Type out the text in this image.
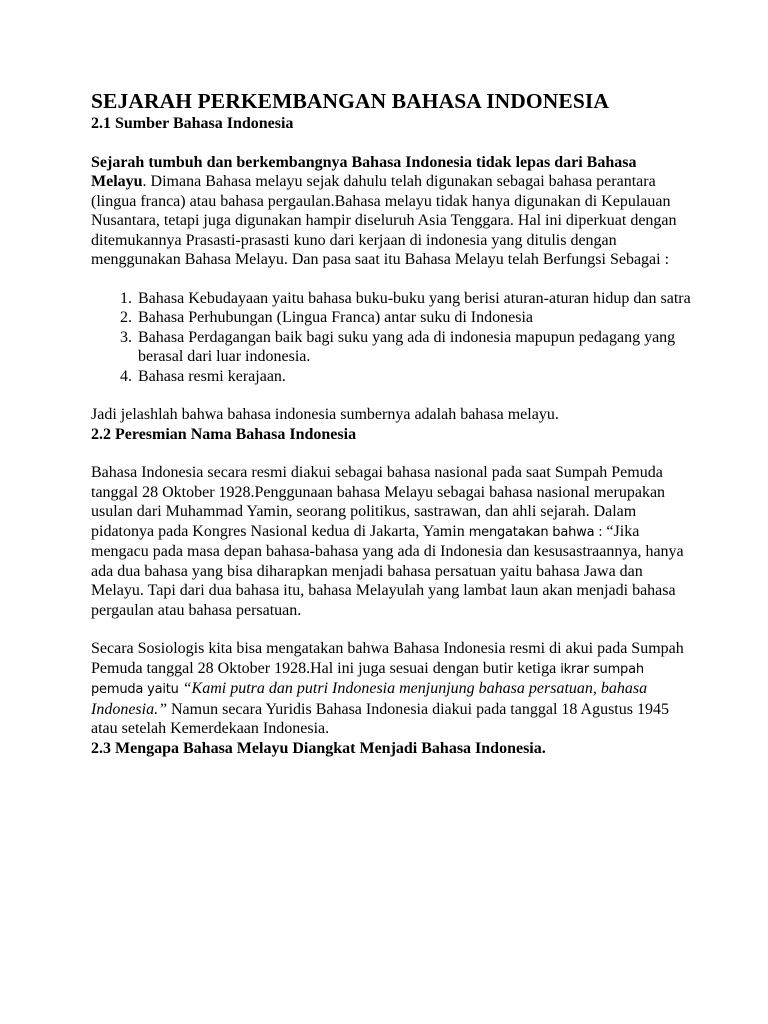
SEJARAH PERKEMBANGAN BAHASA INDONESIA
2.1 Sumber Bahasa Indonesia

Sejarah tumbuh dan berkembangnya Bahasa Indonesia tidak lepas dari Bahasa Melayu. Dimana Bahasa melayu sejak dahulu telah digunakan sebagai bahasa perantara (lingua franca) atau bahasa pergaulan.Bahasa melayu tidak hanya digunakan di Kepulauan Nusantara, tetapi juga digunakan hampir diseluruh Asia Tenggara. Hal ini diperkuat dengan ditemukannya Prasasti-prasasti kuno dari kerjaan di indonesia yang ditulis dengan menggunakan Bahasa Melayu. Dan pasa saat itu Bahasa Melayu telah Berfungsi Sebagai :

1. Bahasa Kebudayaan yaitu bahasa buku-buku yang berisi aturan-aturan hidup dan satra
2. Bahasa Perhubungan (Lingua Franca) antar suku di Indonesia
3. Bahasa Perdagangan baik bagi suku yang ada di indonesia mapupun pedagang yang berasal dari luar indonesia.
4. Bahasa resmi kerajaan.

Jadi jelashlah bahwa bahasa indonesia sumbernya adalah bahasa melayu.

2.2 Peresmian Nama Bahasa Indonesia

Bahasa Indonesia secara resmi diakui sebagai bahasa nasional pada saat Sumpah Pemuda tanggal 28 Oktober 1928.Penggunaan bahasa Melayu sebagai bahasa nasional merupakan usulan dari Muhammad Yamin, seorang politikus, sastrawan, dan ahli sejarah. Dalam pidatonya pada Kongres Nasional kedua di Jakarta, Yamin mengatakan bahwa : “Jika mengacu pada masa depan bahasa-bahasa yang ada di Indonesia dan kesusastraannya, hanya ada dua bahasa yang bisa diharapkan menjadi bahasa persatuan yaitu bahasa Jawa dan Melayu. Tapi dari dua bahasa itu, bahasa Melayulah yang lambat laun akan menjadi bahasa pergaulan atau bahasa persatuan.

Secara Sosiologis kita bisa mengatakan bahwa Bahasa Indonesia resmi di akui pada Sumpah Pemuda tanggal 28 Oktober 1928.Hal ini juga sesuai dengan butir ketiga ikrar sumpah pemuda yaitu “Kami putra dan putri Indonesia menjunjung bahasa persatuan, bahasa Indonesia.” Namun secara Yuridis Bahasa Indonesia diakui pada tanggal 18 Agustus 1945 atau setelah Kemerdekaan Indonesia.

2.3 Mengapa Bahasa Melayu Diangkat Menjadi Bahasa Indonesia.
